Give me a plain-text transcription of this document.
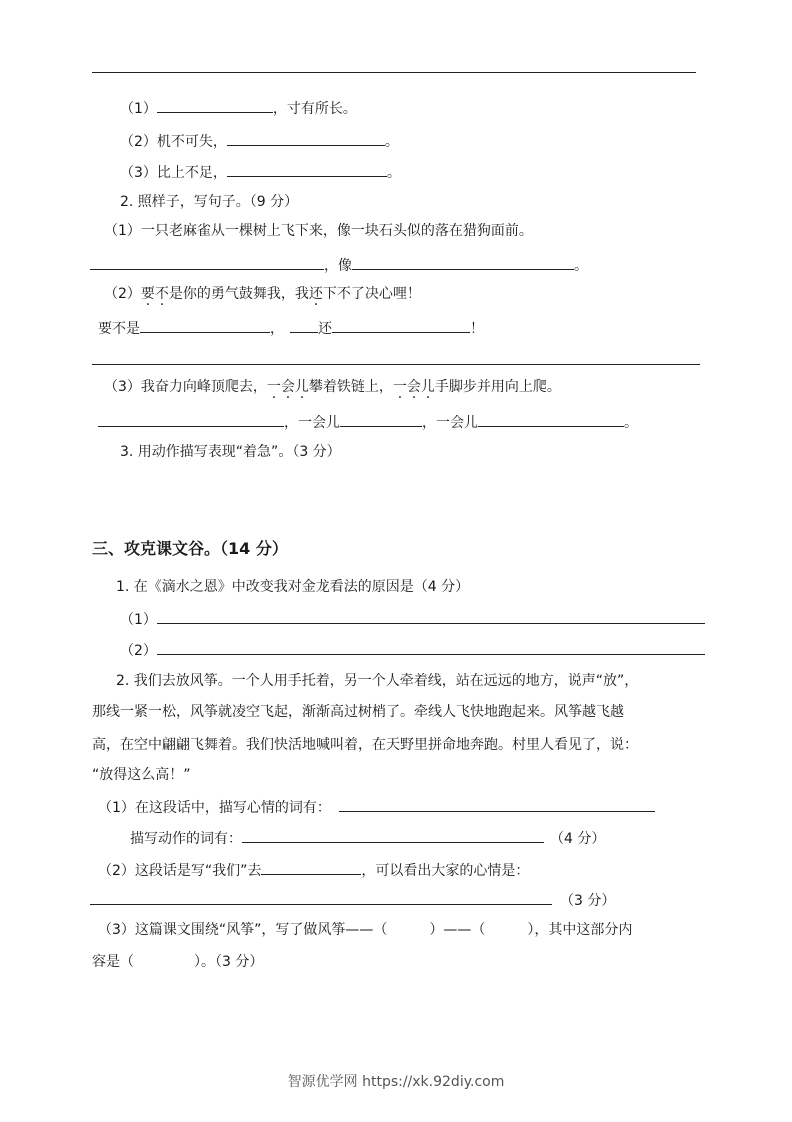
（1）	，寸有所长。
（2）机不可失，	。
（3）比上不足，	。
2. 照样子，写句子。（9 分）
（1）一只老麻雀从一棵树上飞下来，像一块石头似的落在猎狗面前。
，像	。
（2）要不是你的勇气鼓舞我，我还下不了决心哩！
要不是	， 还	！
（3）我奋力向峰顶爬去，一会儿攀着铁链上，一会儿手脚步并用向上爬。
，一会儿	，一会儿	。
3. 用动作描写表现“着急”。（3 分）
三、攻克课文谷。（14 分）
1. 在《滴水之恩》中改变我对金龙看法的原因是（4 分）
（1）
（2）
2. 我们去放风筝。一个人用手托着，另一个人牵着线，站在远远的地方，说声“放”，
那线一紧一松，风筝就凌空飞起，渐渐高过树梢了。牵线人飞快地跑起来。风筝越飞越
高，在空中翩翩飞舞着。我们快活地喊叫着，在天野里拼命地奔跑。村里人看见了，说：
“放得这么高！”
（1）在这段话中，描写心情的词有：
描写动作的词有：	（4 分）
（2）这段话是写“我们”去	，可以看出大家的心情是：
（3 分）
（3）这篇课文围绕“风筝”，写了做风筝——（	）——（	），其中这部分内
容是（	）。（3 分）
智源优学网 https://xk.92diy.com
